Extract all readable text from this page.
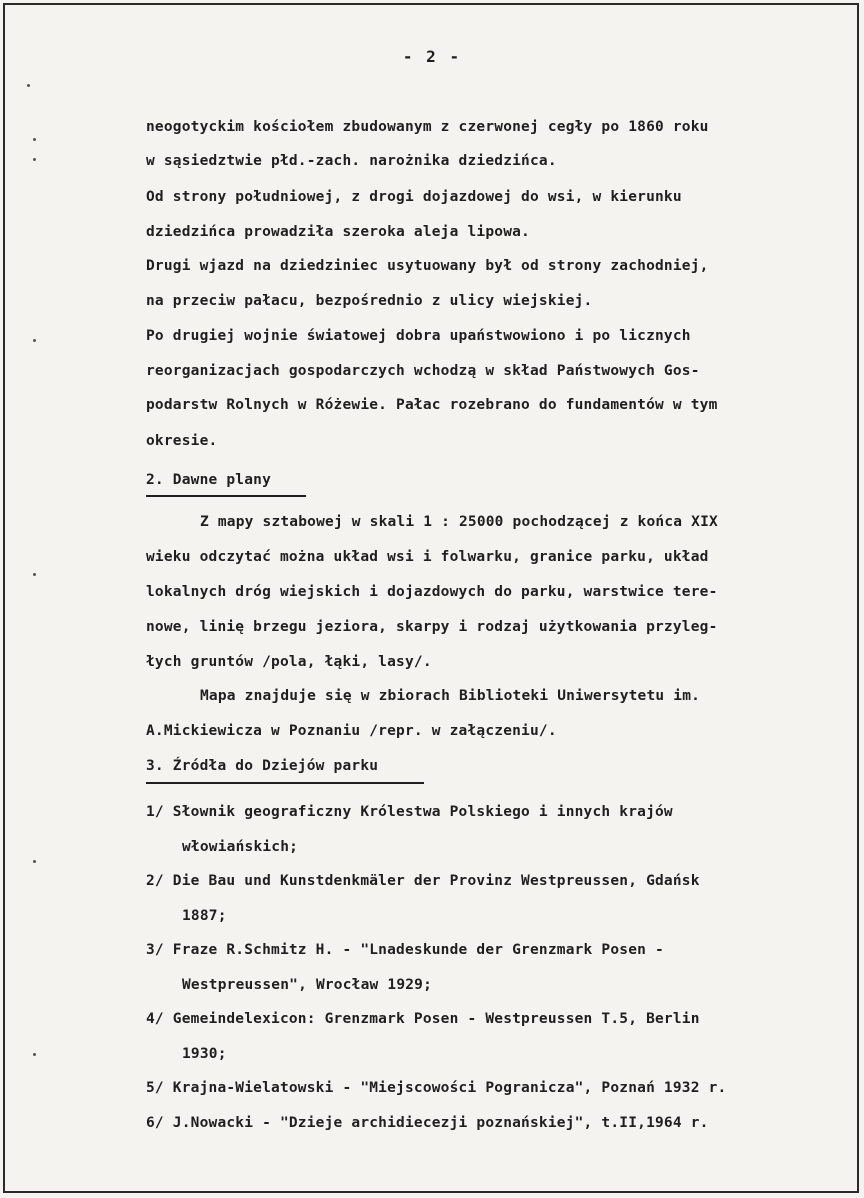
- 2 -
neogotyckim kościołem zbudowanym z czerwonej cegły po 1860 roku
w sąsiedztwie płd.-zach. narożnika dziedzińca.
Od strony południowej, z drogi dojazdowej do wsi, w kierunku
dziedzińca prowadziła szeroka aleja lipowa.
Drugi wjazd na dziedziniec usytuowany był od strony zachodniej,
na przeciw pałacu, bezpośrednio z ulicy wiejskiej.
Po drugiej wojnie światowej dobra upaństwowiono i po licznych
reorganizacjach gospodarczych wchodzą w skład Państwowych Gos-
podarstw Rolnych w Różewie. Pałac rozebrano do fundamentów w tym
okresie.
2. Dawne plany
Z mapy sztabowej w skali 1 : 25000 pochodzącej z końca XIX
wieku odczytać można układ wsi i folwarku, granice parku, układ
lokalnych dróg wiejskich i dojazdowych do parku, warstwice tere-
nowe, linię brzegu jeziora, skarpy i rodzaj użytkowania przyleg-
łych gruntów /pola, łąki, lasy/.
Mapa znajduje się w zbiorach Biblioteki Uniwersytetu im.
A.Mickiewicza w Poznaniu /repr. w załączeniu/.
3. Źródła do Dziejów parku
1/ Słownik geograficzny Królestwa Polskiego i innych krajów
włowiańskich;
2/ Die Bau und Kunstdenkmäler der Provinz Westpreussen, Gdańsk
1887;
3/ Fraze R.Schmitz H. - "Lnadeskunde der Grenzmark Posen -
Westpreussen", Wrocław 1929;
4/ Gemeindelexicon: Grenzmark Posen - Westpreussen T.5, Berlin
1930;
5/ Krajna-Wielatowski - "Miejscowości Pogranicza", Poznań 1932 r.
6/ J.Nowacki - "Dzieje archidiecezji poznańskiej", t.II,1964 r.
